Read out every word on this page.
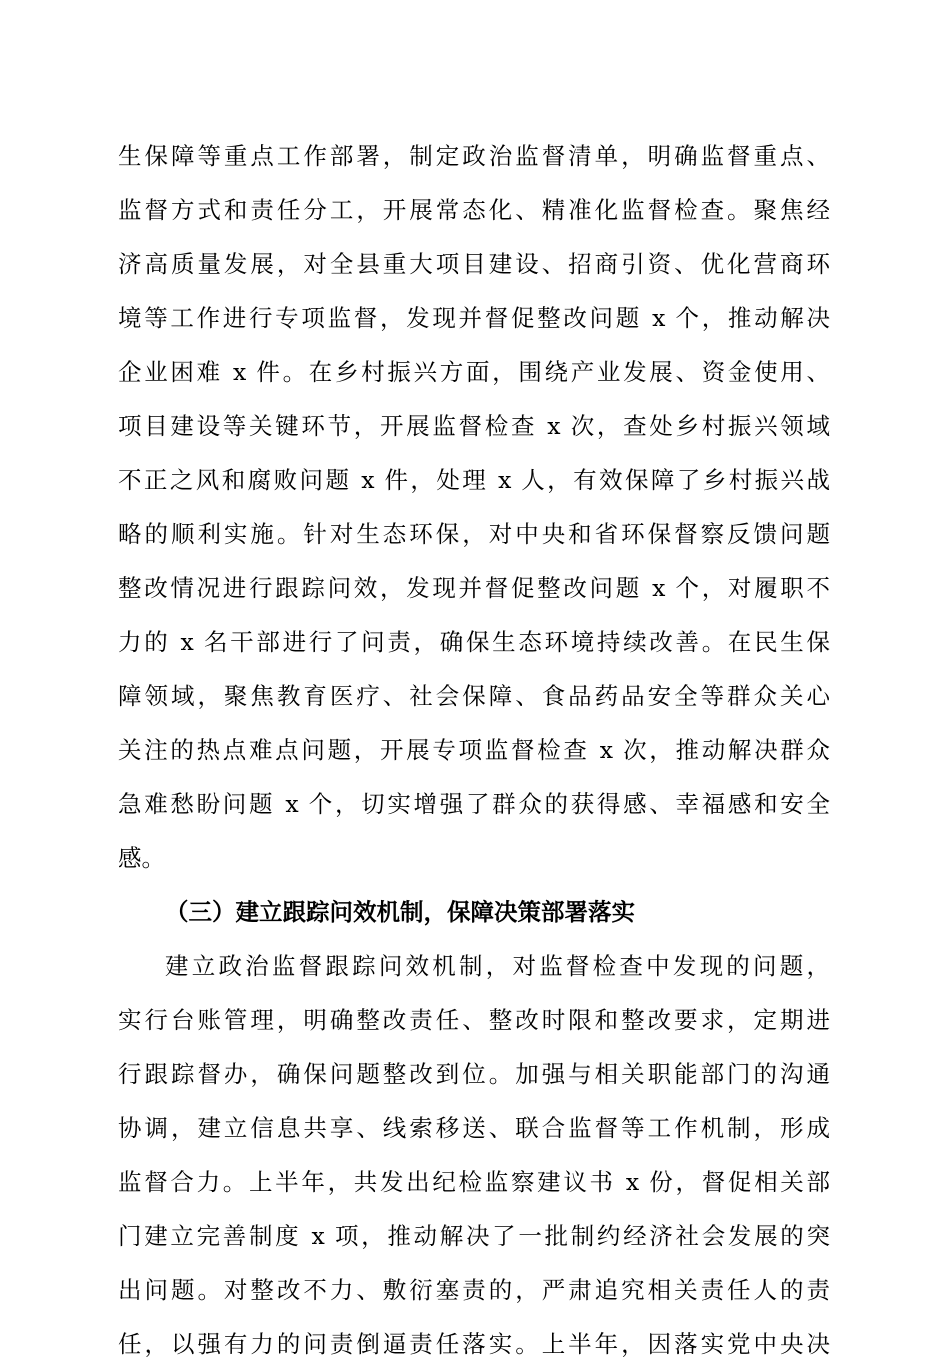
生保障等重点工作部署，制定政治监督清单，明确监督重点、
监督方式和责任分工，开展常态化、精准化监督检查。聚焦经
济高质量发展，对全县重大项目建设、招商引资、优化营商环
境等工作进行专项监督，发现并督促整改问题 x 个，推动解决
企业困难 x 件。在乡村振兴方面，围绕产业发展、资金使用、
项目建设等关键环节，开展监督检查 x 次，查处乡村振兴领域
不正之风和腐败问题 x 件，处理 x 人，有效保障了乡村振兴战
略的顺利实施。针对生态环保，对中央和省环保督察反馈问题
整改情况进行跟踪问效，发现并督促整改问题 x 个，对履职不
力的 x 名干部进行了问责，确保生态环境持续改善。在民生保
障领域，聚焦教育医疗、社会保障、食品药品安全等群众关心
关注的热点难点问题，开展专项监督检查 x 次，推动解决群众
急难愁盼问题 x 个，切实增强了群众的获得感、幸福感和安全
感。
（三）建立跟踪问效机制，保障决策部署落实
建立政治监督跟踪问效机制，对监督检查中发现的问题，
实行台账管理，明确整改责任、整改时限和整改要求，定期进
行跟踪督办，确保问题整改到位。加强与相关职能部门的沟通
协调，建立信息共享、线索移送、联合监督等工作机制，形成
监督合力。上半年，共发出纪检监察建议书 x 份，督促相关部
门建立完善制度 x 项，推动解决了一批制约经济社会发展的突
出问题。对整改不力、敷衍塞责的，严肃追究相关责任人的责
任，以强有力的问责倒逼责任落实。上半年，因落实党中央决
